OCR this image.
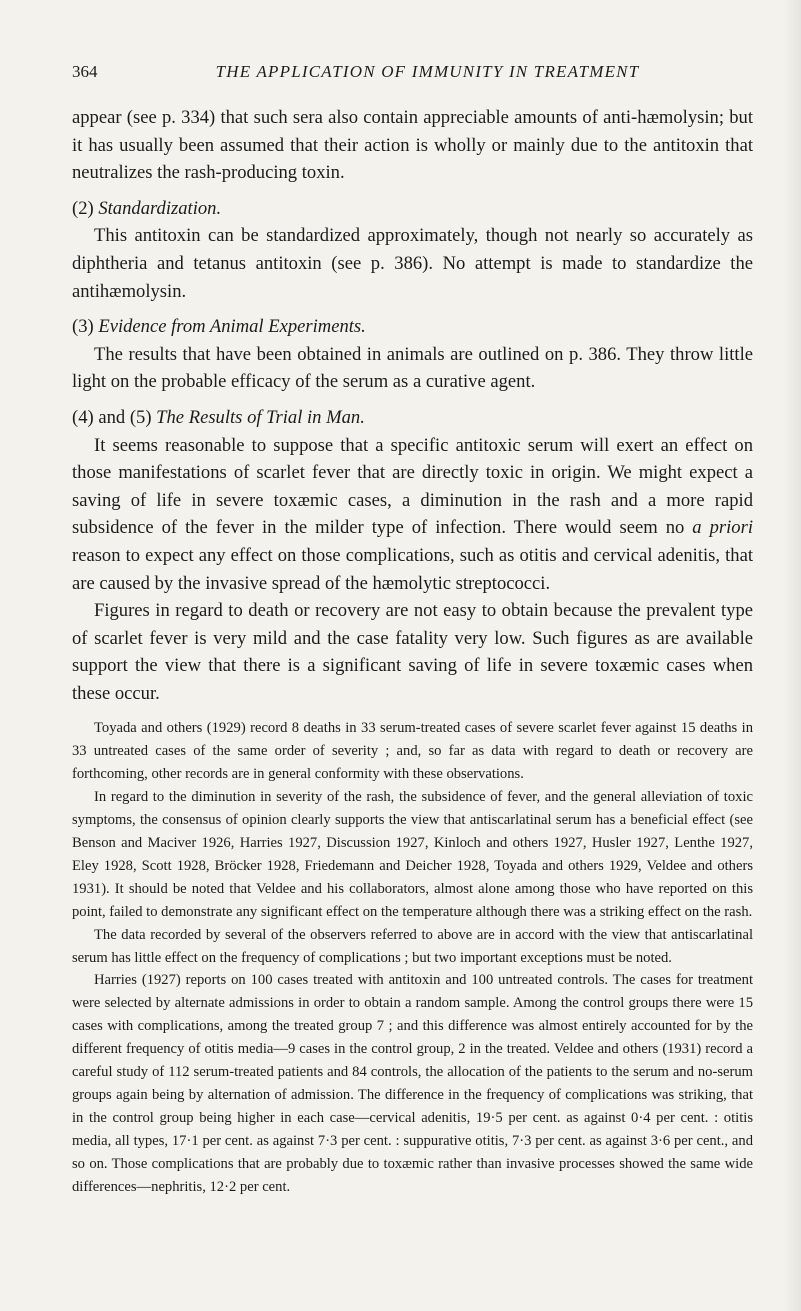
364	THE APPLICATION OF IMMUNITY IN TREATMENT

appear (see p. 334) that such sera also contain appreciable amounts of anti-hæmolysin; but it has usually been assumed that their action is wholly or mainly due to the antitoxin that neutralizes the rash-producing toxin.

(2) Standardization.

This antitoxin can be standardized approximately, though not nearly so accurately as diphtheria and tetanus antitoxin (see p. 386). No attempt is made to standardize the antihæmolysin.

(3) Evidence from Animal Experiments.

The results that have been obtained in animals are outlined on p. 386. They throw little light on the probable efficacy of the serum as a curative agent.

(4) and (5) The Results of Trial in Man.

It seems reasonable to suppose that a specific antitoxic serum will exert an effect on those manifestations of scarlet fever that are directly toxic in origin. We might expect a saving of life in severe toxæmic cases, a diminution in the rash and a more rapid subsidence of the fever in the milder type of infection. There would seem no a priori reason to expect any effect on those complications, such as otitis and cervical adenitis, that are caused by the invasive spread of the hæmolytic streptococci.

Figures in regard to death or recovery are not easy to obtain because the prevalent type of scarlet fever is very mild and the case fatality very low. Such figures as are available support the view that there is a significant saving of life in severe toxæmic cases when these occur.

Toyada and others (1929) record 8 deaths in 33 serum-treated cases of severe scarlet fever against 15 deaths in 33 untreated cases of the same order of severity ; and, so far as data with regard to death or recovery are forthcoming, other records are in general conformity with these observations.

In regard to the diminution in severity of the rash, the subsidence of fever, and the general alleviation of toxic symptoms, the consensus of opinion clearly supports the view that antiscarlatinal serum has a beneficial effect (see Benson and Maciver 1926, Harries 1927, Discussion 1927, Kinloch and others 1927, Husler 1927, Lenthe 1927, Eley 1928, Scott 1928, Bröcker 1928, Friedemann and Deicher 1928, Toyada and others 1929, Veldee and others 1931). It should be noted that Veldee and his collaborators, almost alone among those who have reported on this point, failed to demonstrate any significant effect on the temperature although there was a striking effect on the rash.

The data recorded by several of the observers referred to above are in accord with the view that antiscarlatinal serum has little effect on the frequency of complications ; but two important exceptions must be noted.

Harries (1927) reports on 100 cases treated with antitoxin and 100 untreated controls. The cases for treatment were selected by alternate admissions in order to obtain a random sample. Among the control groups there were 15 cases with complications, among the treated group 7 ; and this difference was almost entirely accounted for by the different frequency of otitis media—9 cases in the control group, 2 in the treated. Veldee and others (1931) record a careful study of 112 serum-treated patients and 84 controls, the allocation of the patients to the serum and no-serum groups again being by alternation of admission. The difference in the frequency of complications was striking, that in the control group being higher in each case—cervical adenitis, 19·5 per cent. as against 0·4 per cent. : otitis media, all types, 17·1 per cent. as against 7·3 per cent. : suppurative otitis, 7·3 per cent. as against 3·6 per cent., and so on. Those complications that are probably due to toxæmic rather than invasive processes showed the same wide differences—nephritis, 12·2 per cent.
